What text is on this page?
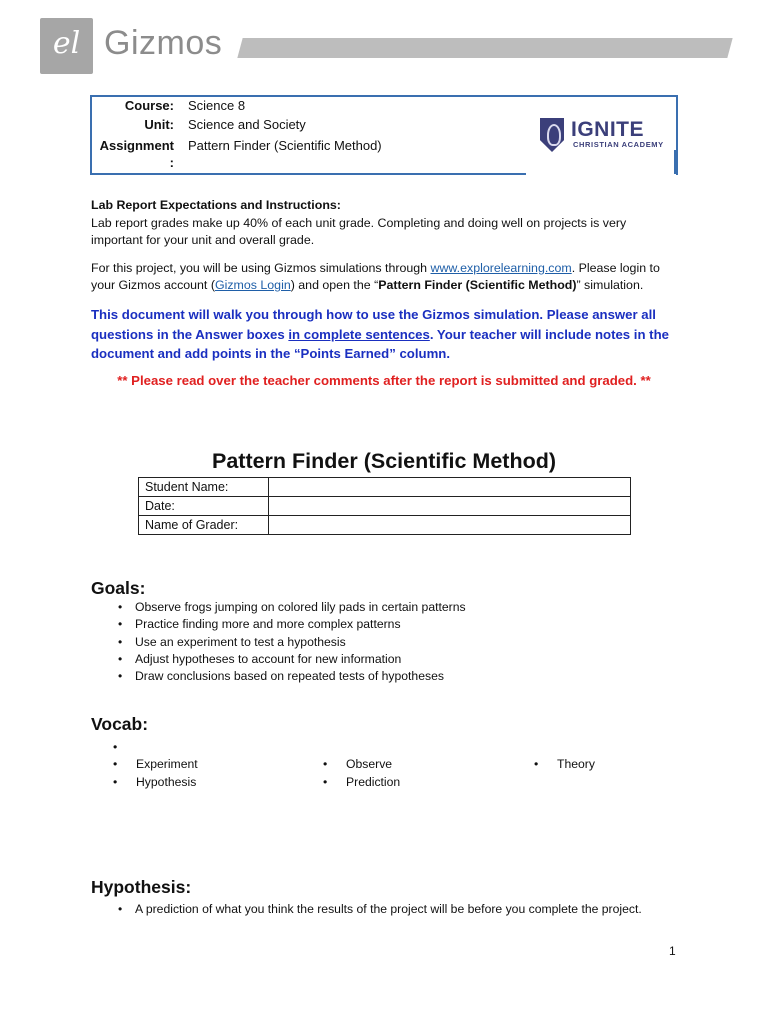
el Gizmos
Course: Science 8
Unit: Science and Society
Assignment
:
Pattern Finder (Scientific Method)
IGNITE
CHRISTIAN ACADEMY
Lab Report Expectations and Instructions:
Lab report grades make up 40% of each unit grade. Completing and doing well on projects is very important for your unit and overall grade.
For this project, you will be using Gizmos simulations through www.explorelearning.com. Please login to your Gizmos account (Gizmos Login) and open the “Pattern Finder (Scientific Method)” simulation.
This document will walk you through how to use the Gizmos simulation. Please answer all questions in the Answer boxes in complete sentences. Your teacher will include notes in the document and add points in the “Points Earned” column.
** Please read over the teacher comments after the report is submitted and graded. **
Pattern Finder (Scientific Method)
Student Name:	
Date:	
Name of Grader:	
Goals:
• Observe frogs jumping on colored lily pads in certain patterns
• Practice finding more and more complex patterns
• Use an experiment to test a hypothesis
• Adjust hypotheses to account for new information
• Draw conclusions based on repeated tests of hypotheses
Vocab:
• Experiment
• Hypothesis
• Observe
• Prediction
• Theory
Hypothesis:
• A prediction of what you think the results of the project will be before you complete the project.
1
